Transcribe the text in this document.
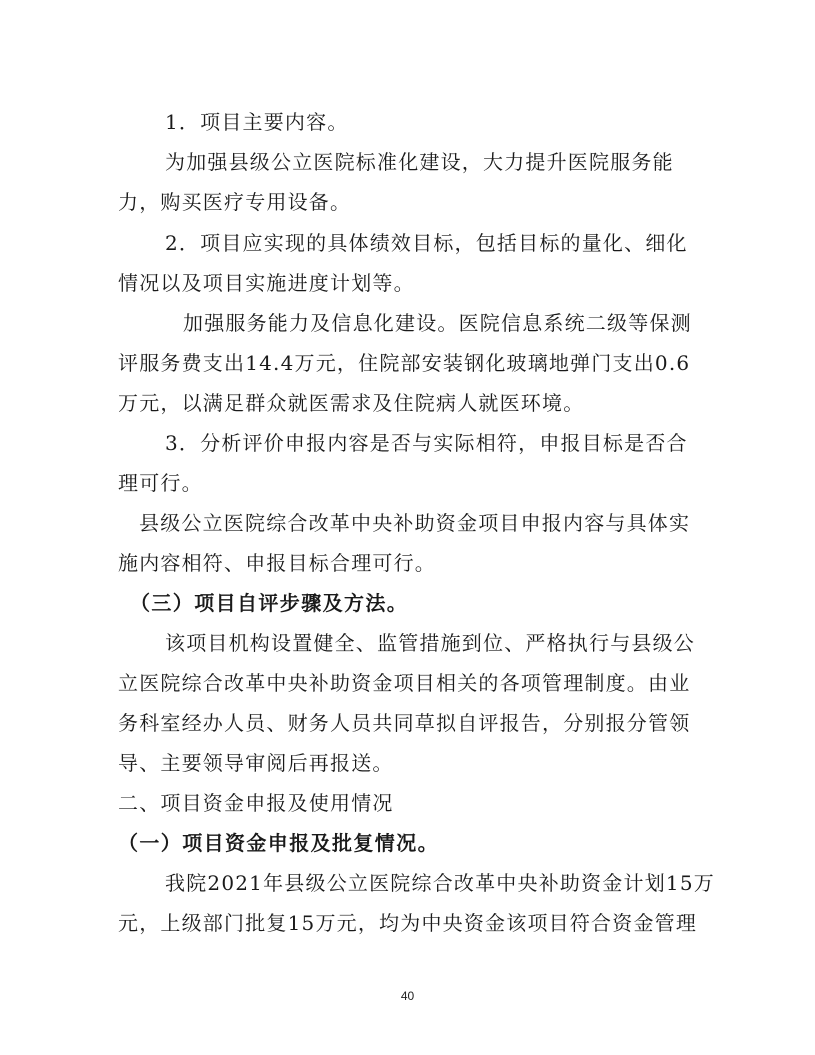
1．项目主要内容。
为加强县级公立医院标准化建设，大力提升医院服务能
力，购买医疗专用设备。
2．项目应实现的具体绩效目标，包括目标的量化、细化
情况以及项目实施进度计划等。
加强服务能力及信息化建设。医院信息系统二级等保测
评服务费支出14.4万元，住院部安装钢化玻璃地弹门支出0.6
万元，以满足群众就医需求及住院病人就医环境。
3．分析评价申报内容是否与实际相符，申报目标是否合
理可行。
县级公立医院综合改革中央补助资金项目申报内容与具体实
施内容相符、申报目标合理可行。
（三）项目自评步骤及方法。
该项目机构设置健全、监管措施到位、严格执行与县级公
立医院综合改革中央补助资金项目相关的各项管理制度。由业
务科室经办人员、财务人员共同草拟自评报告，分别报分管领
导、主要领导审阅后再报送。
二、项目资金申报及使用情况
（一）项目资金申报及批复情况。
我院2021年县级公立医院综合改革中央补助资金计划15万
元，上级部门批复15万元，均为中央资金该项目符合资金管理
40
